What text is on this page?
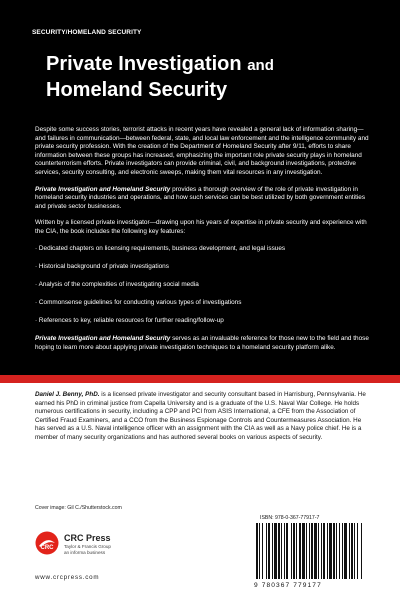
SECURITY/HOMELAND SECURITY
Private Investigation and
Homeland Security

Despite some success stories, terrorist attacks in recent years have revealed a general lack of information sharing—and failures in communication—between federal, state, and local law enforcement and the intelligence community and private security profession. With the creation of the Department of Homeland Security after 9/11, efforts to share information between these groups has increased, emphasizing the important role private security plays in homeland counterterrorism efforts. Private investigators can provide criminal, civil, and background investigations, protective services, security consulting, and electronic sweeps, making them vital resources in any investigation.

Private Investigation and Homeland Security provides a thorough overview of the role of private investigation in homeland security industries and operations, and how such services can be best utilized by both government entities and private sector businesses.

Written by a licensed private investigator—drawing upon his years of expertise in private security and experience with the CIA, the book includes the following key features:

· Dedicated chapters on licensing requirements, business development, and legal issues
· Historical background of private investigations
· Analysis of the complexities of investigating social media
· Commonsense guidelines for conducting various types of investigations
· References to key, reliable resources for further reading/follow-up

Private Investigation and Homeland Security serves as an invaluable reference for those new to the field and those hoping to learn more about applying private investigation techniques to a homeland security platform alike.

Daniel J. Benny, PhD. is a licensed private investigator and security consultant based in Harrisburg, Pennsylvania. He earned his PhD in criminal justice from Capella University and is a graduate of the U.S. Naval War College. He holds numerous certifications in security, including a CPP and PCI from ASIS International, a CFE from the Association of Certified Fraud Examiners, and a CCO from the Business Espionage Controls and Countermeasures Association. He has served as a U.S. Naval intelligence officer with an assignment with the CIA as well as a Navy police chief. He is a member of many security organizations and has authored several books on various aspects of security.

Cover image: Gil C./Shutterstock.com
CRC
CRC Press
Taylor & Francis Group
an informa business
www.crcpress.com
ISBN: 978-0-367-77917-7
9 780367 779177
